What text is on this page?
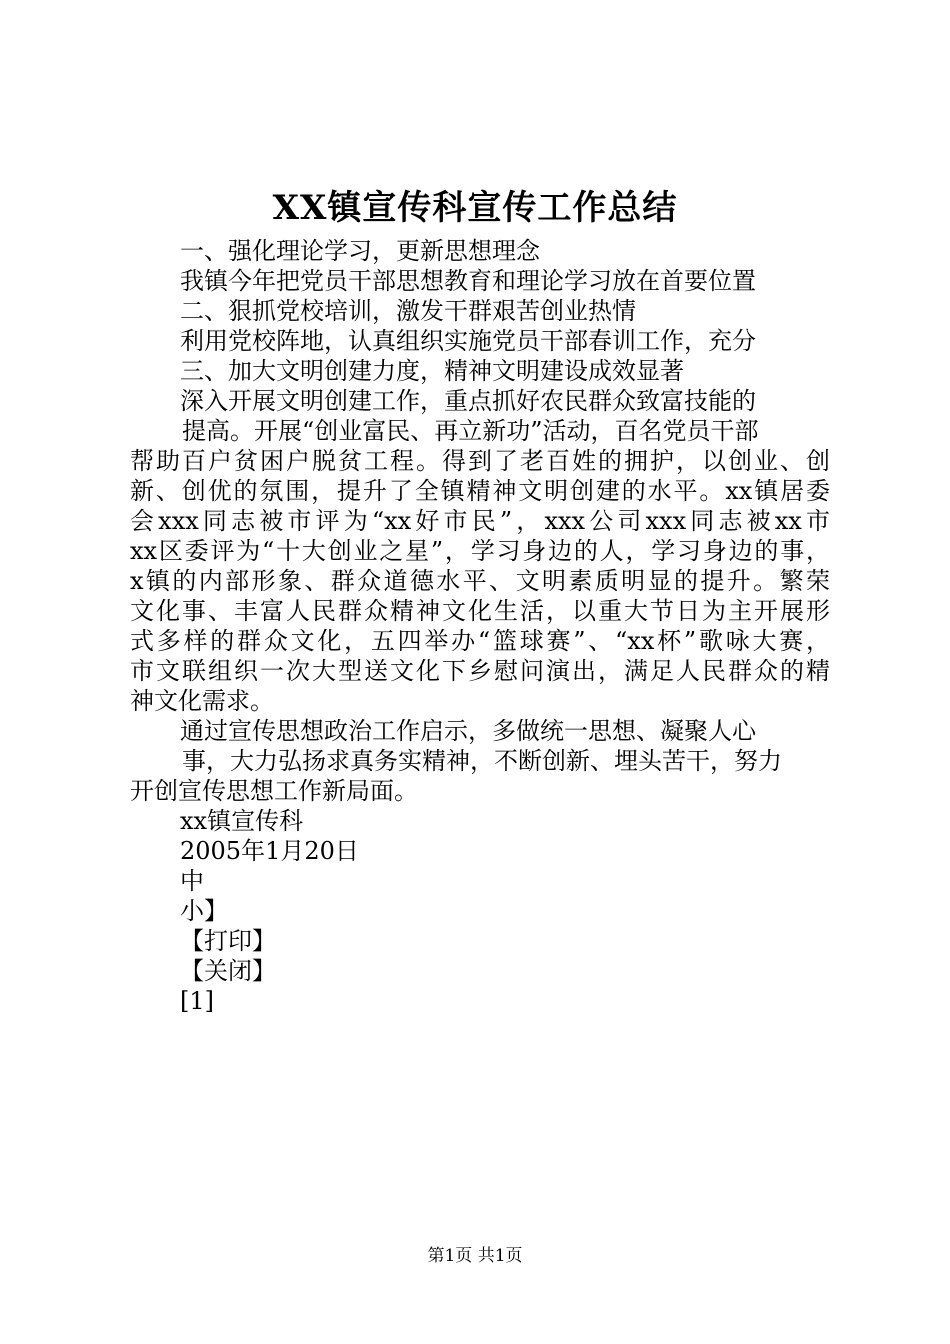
XX镇宣传科宣传工作总结
一、强化理论学习，更新思想理念
我镇今年把党员干部思想教育和理论学习放在首要位置
二、狠抓党校培训，激发干群艰苦创业热情
利用党校阵地，认真组织实施党员干部春训工作，充分
三、加大文明创建力度，精神文明建设成效显著
深入开展文明创建工作，重点抓好农民群众致富技能的
提高。开展“创业富民、再立新功”活动，百名党员干部
帮助百户贫困户脱贫工程。得到了老百姓的拥护，以创业、创
新、创优的氛围，提升了全镇精神文明创建的水平。xx镇居委
会xxx同志被市评为“xx好市民”，xxx公司xxx同志被xx市
xx区委评为“十大创业之星”，学习身边的人，学习身边的事，
x镇的内部形象、群众道德水平、文明素质明显的提升。繁荣
文化事、丰富人民群众精神文化生活，以重大节日为主开展形
式多样的群众文化，五四举办“篮球赛”、“xx杯”歌咏大赛，
市文联组织一次大型送文化下乡慰问演出，满足人民群众的精
神文化需求。
通过宣传思想政治工作启示，多做统一思想、凝聚人心
事，大力弘扬求真务实精神，不断创新、埋头苦干，努力
开创宣传思想工作新局面。
xx镇宣传科
2005年1月20日
中
小】
【打印】
【关闭】
[1]
第1页 共1页
